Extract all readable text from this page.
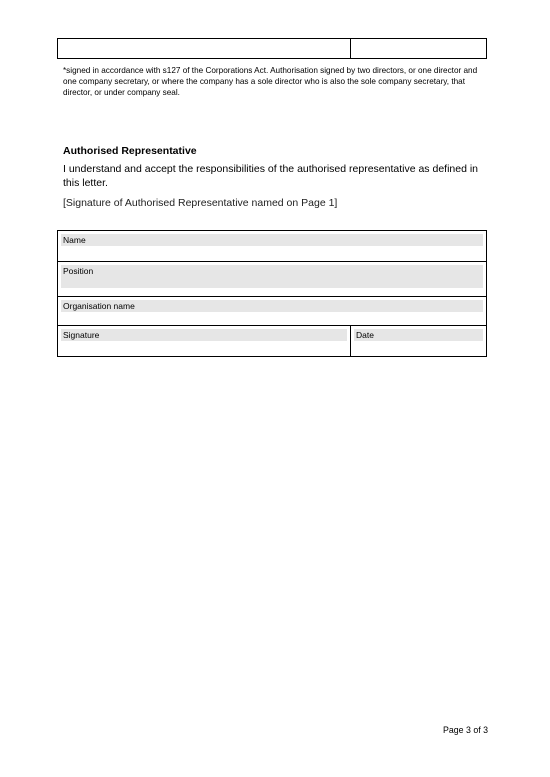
*signed in accordance with s127 of the Corporations Act. Authorisation signed by two directors, or one director and one company secretary, or where the company has a sole director who is also the sole company secretary, that director, or under company seal.
Authorised Representative
I understand and accept the responsibilities of the authorised representative as defined in this letter.
[Signature of Authorised Representative named on Page 1]
Name
Position
Organisation name
Signature	Date
Page 3 of 3
